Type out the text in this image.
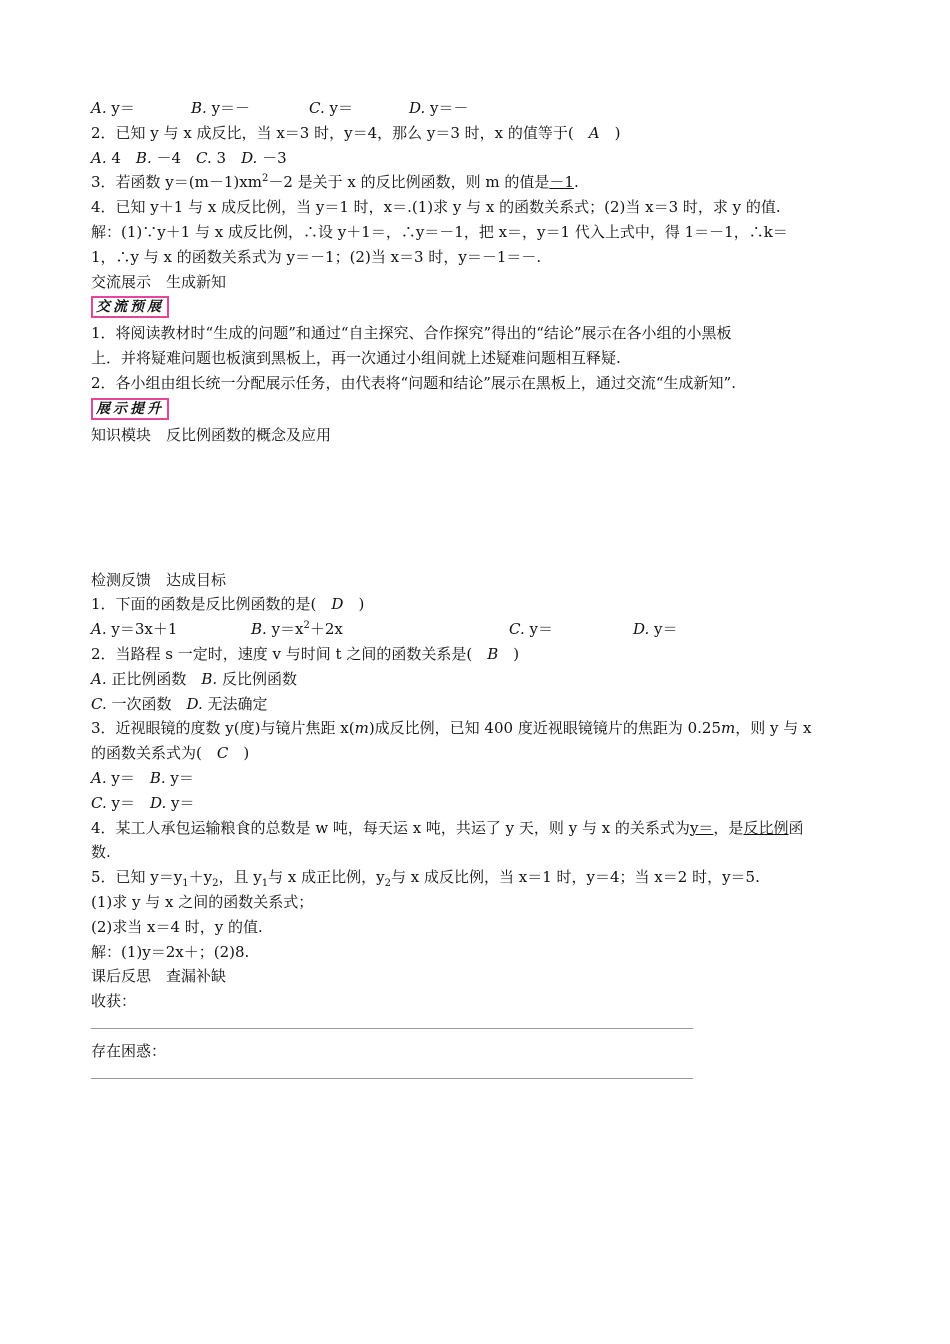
A. y＝	B. y＝－	C. y＝	D. y＝－
2．已知 y 与 x 成反比，当 x＝3 时，y＝4，那么 y＝3 时，x 的值等于(　A　)
A. 4　B. －4　C. 3　D. －3
3．若函数 $y=(m-1)xm^2-2$ 是关于 x 的反比例函数，则 m 的值是－1.
4．已知 y＋1 与 x 成反比例，当 y＝1 时，x＝.(1)求 y 与 x 的函数关系式；(2)当 x＝3 时，求 y 的值.
解：(1)∵y＋1 与 x 成反比例，∴设 y＋1＝，∴y＝－1，把 x＝，y＝1 代入上式中，得 1＝－1，∴k＝
1，∴y 与 x 的函数关系式为 y＝－1；(2)当 x＝3 时，y＝－1＝－.
交流展示　生成新知
交流预展
1．将阅读教材时“生成的问题”和通过“自主探究、合作探究”得出的“结论”展示在各小组的小黑板
上．并将疑难问题也板演到黑板上，再一次通过小组间就上述疑难问题相互释疑.
2．各小组由组长统一分配展示任务，由代表将“问题和结论”展示在黑板上，通过交流“生成新知”.
展示提升
知识模块　反比例函数的概念及应用
检测反馈　达成目标
1．下面的函数是反比例函数的是(　D　)
A. y＝3x＋1	B. $y=x^2+2x$	C. y＝	D. y＝
2．当路程 s 一定时，速度 v 与时间 t 之间的函数关系是(　B　)
A. 正比例函数　B. 反比例函数
C. 一次函数　D. 无法确定
3．近视眼镜的度数 y(度)与镜片焦距 x(m)成反比例，已知 400 度近视眼镜镜片的焦距为 0.25m，则 y 与 x
的函数关系式为(　C　)
A. y＝　B. y＝
C. y＝　D. y＝
4．某工人承包运输粮食的总数是 w 吨，每天运 x 吨，共运了 y 天，则 y 与 x 的关系式为y＝，是反比例函
数.
5．已知 $y=y_1+y_2$，且 $y_1$与 x 成正比例，$y_2$与 x 成反比例，当 x＝1 时，y＝4；当 x＝2 时，y＝5.
(1)求 y 与 x 之间的函数关系式；
(2)求当 x＝4 时，y 的值.
解：(1)y＝2x＋；(2)8.
课后反思　查漏补缺
收获：
存在困惑：
